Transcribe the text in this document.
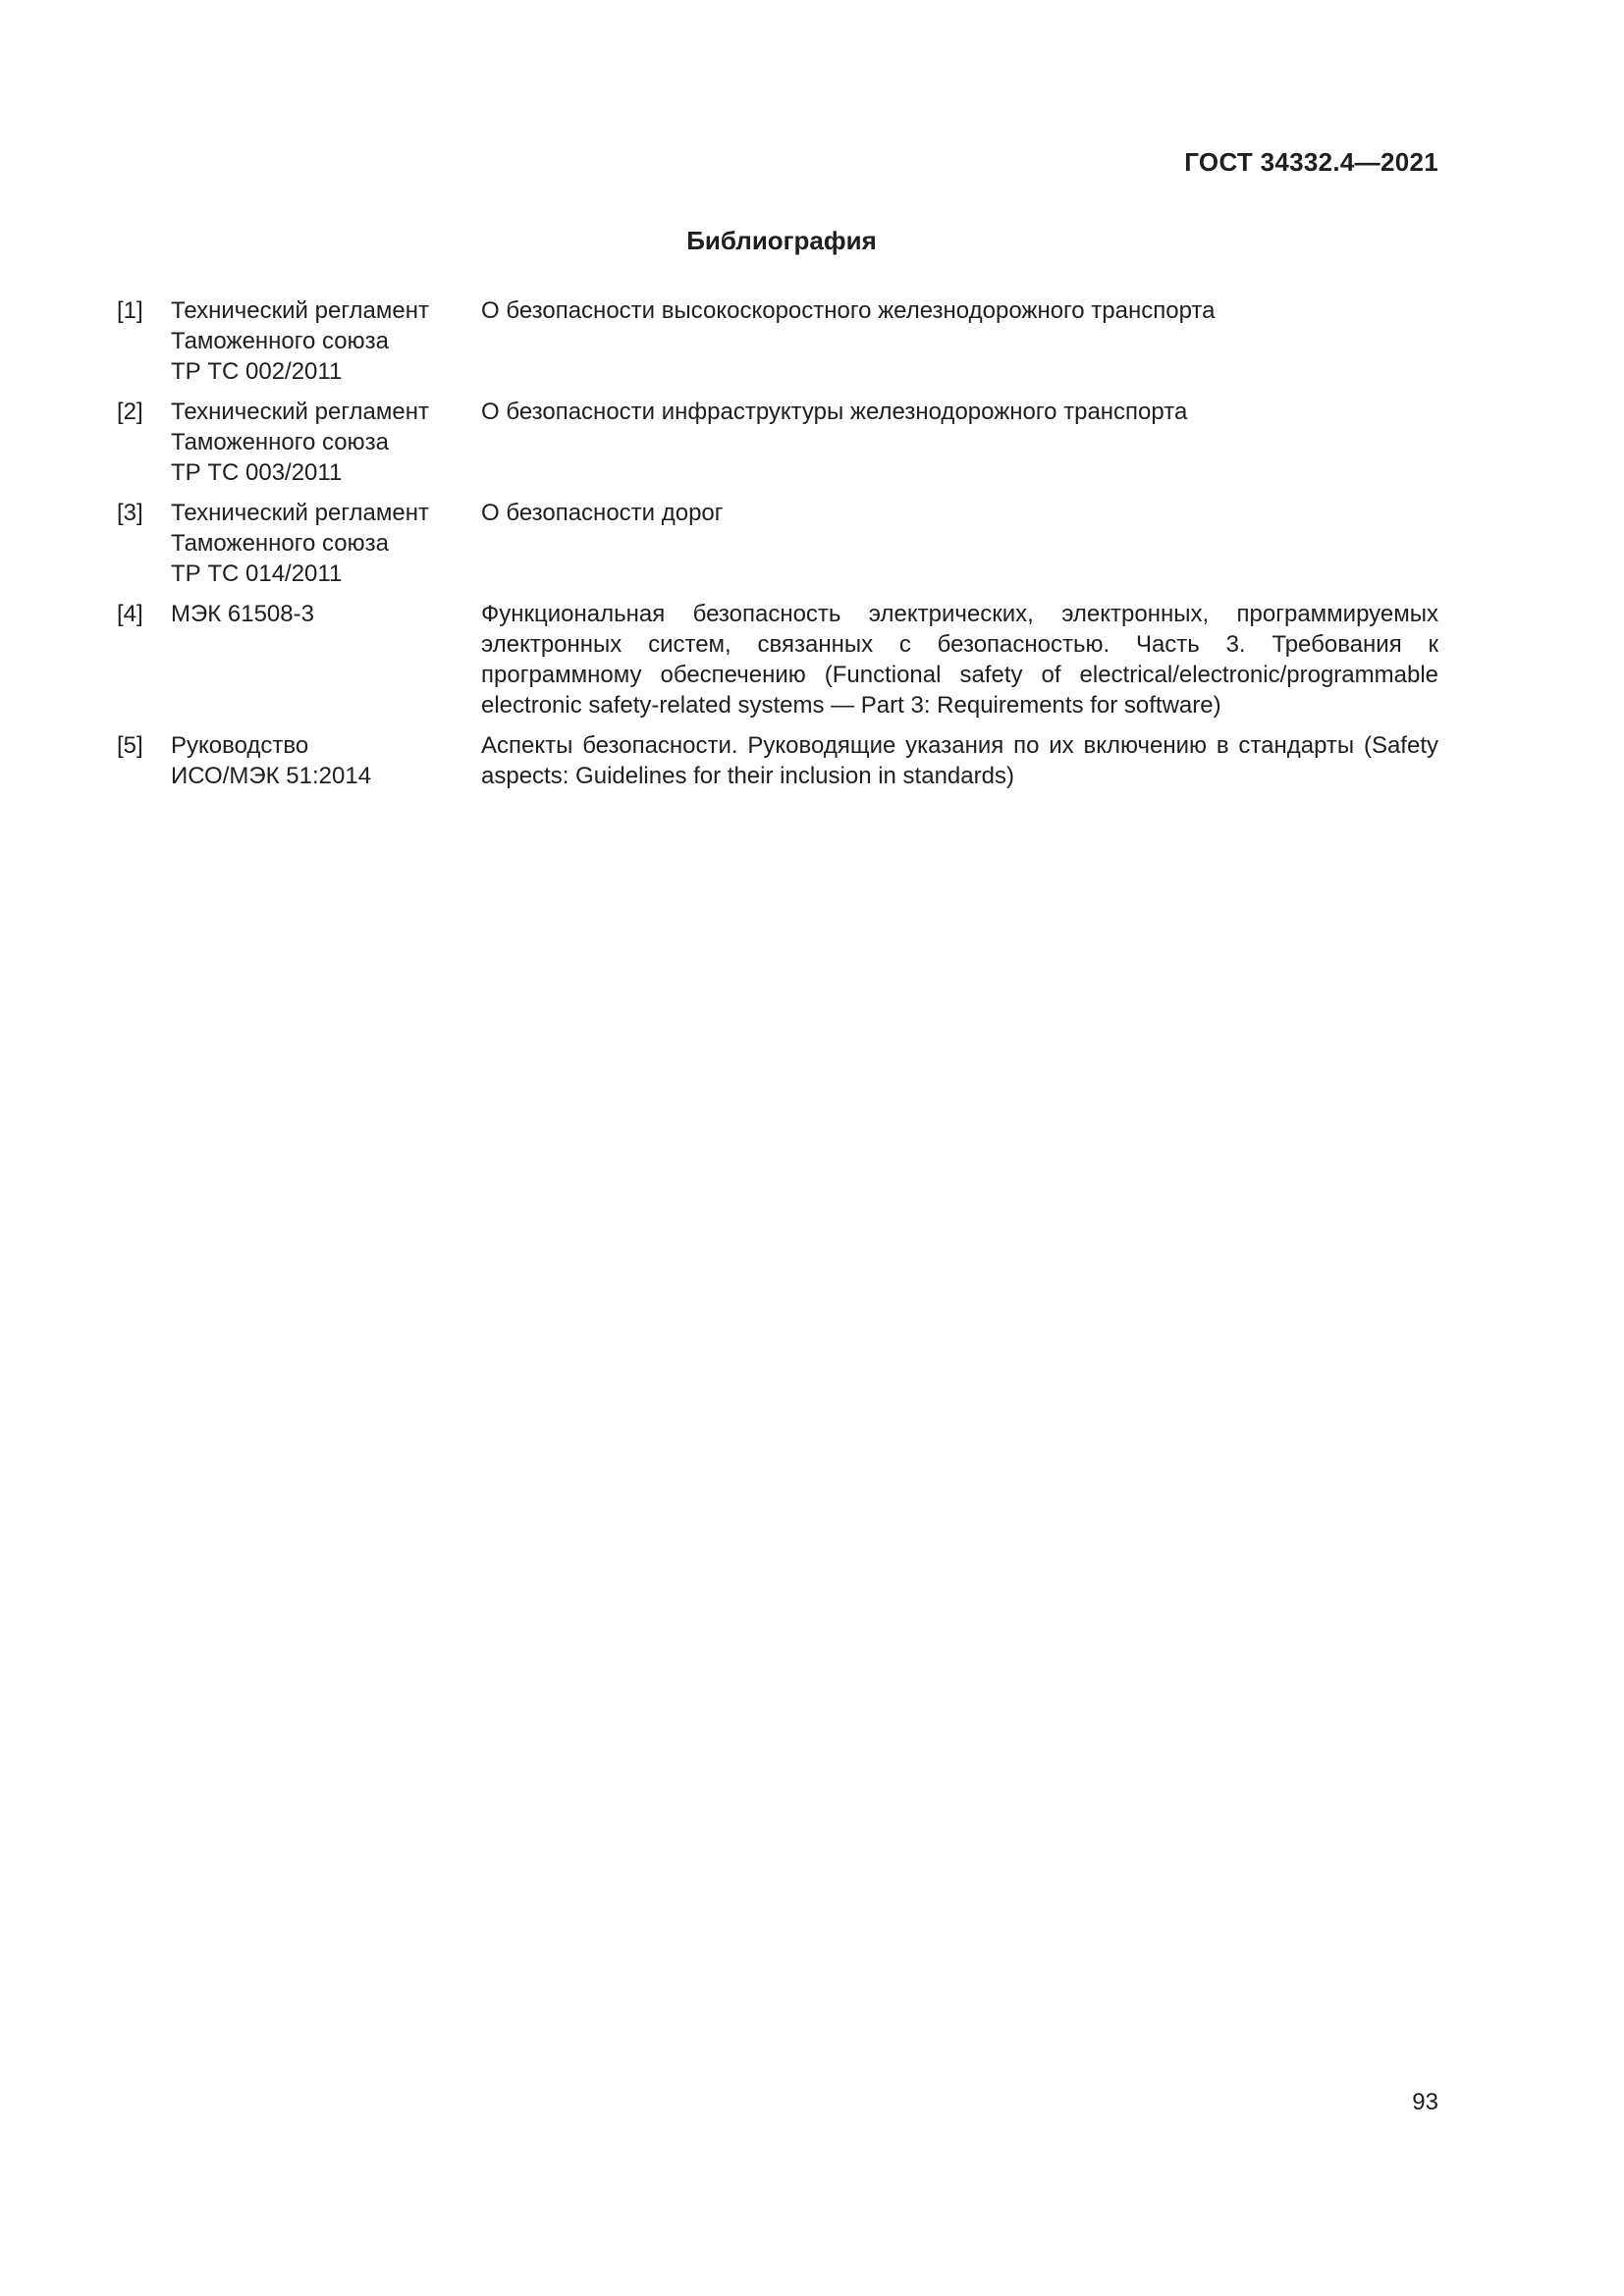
ГОСТ 34332.4—2021
Библиография
[1]	Технический регламент
Таможенного союза
ТР ТС 002/2011	О безопасности высокоскоростного железнодорожного транспорта
[2]	Технический регламент
Таможенного союза
ТР ТС 003/2011	О безопасности инфраструктуры железнодорожного транспорта
[3]	Технический регламент
Таможенного союза
ТР ТС 014/2011	О безопасности дорог
[4]	МЭК 61508-3	Функциональная безопасность электрических, электронных, программируемых электронных систем, связанных с безопасностью. Часть 3. Требования к программному обеспечению (Functional safety of electrical/electronic/programmable electronic safety-related systems — Part 3: Requirements for software)
[5]	Руководство
ИСО/МЭК 51:2014	Аспекты безопасности. Руководящие указания по их включению в стандарты (Safety aspects: Guidelines for their inclusion in standards)
93
